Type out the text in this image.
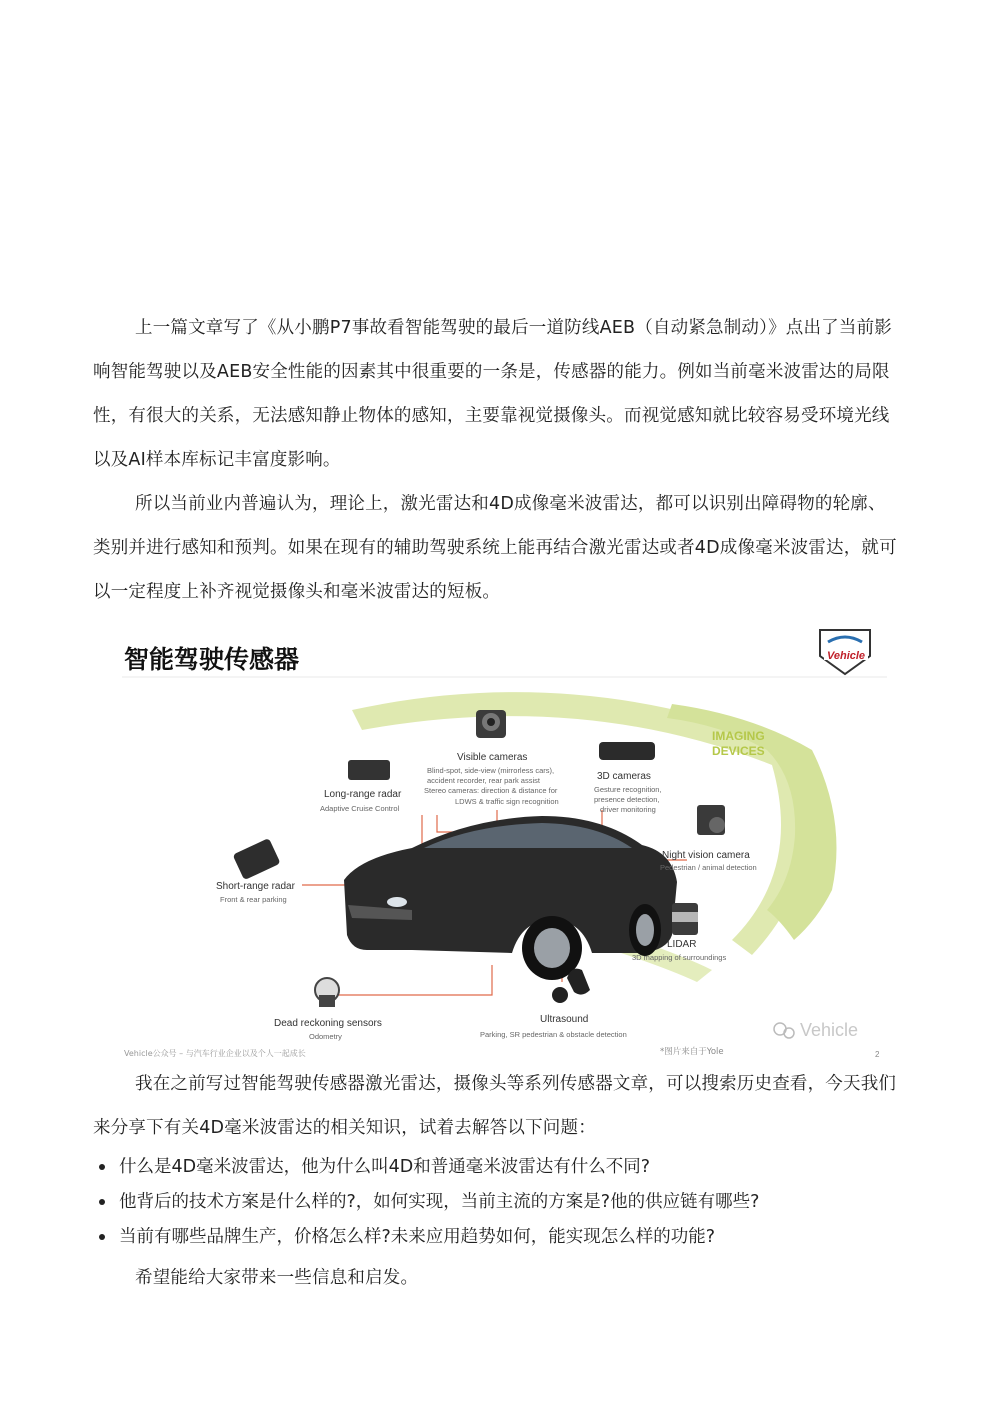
上一篇文章写了《从小鹏P7事故看智能驾驶的最后一道防线AEB（自动紧急制动）》点出了当前影响智能驾驶以及AEB安全性能的因素其中很重要的一条是，传感器的能力。例如当前毫米波雷达的局限性，有很大的关系，无法感知静止物体的感知，主要靠视觉摄像头。而视觉感知就比较容易受环境光线以及AI样本库标记丰富度影响。
所以当前业内普遍认为，理论上，激光雷达和4D成像毫米波雷达，都可以识别出障碍物的轮廓、类别并进行感知和预判。如果在现有的辅助驾驶系统上能再结合激光雷达或者4D成像毫米波雷达，就可以一定程度上补齐视觉摄像头和毫米波雷达的短板。
智能驾驶传感器	Vehicle
IMAGING
DEVICES
Visible cameras
Blind-spot, side-view (mirrorless cars),
accident recorder, rear park assist
Stereo cameras: direction & distance for
LDWS & traffic sign recognition
Long-range radar
Adaptive Cruise Control
3D cameras
Gesture recognition,
presence detection,
driver monitoring
Night vision camera
Pedestrian / animal detection
Short-range radar
Front & rear parking
LIDAR
3D mapping of surroundings
Ultrasound
Parking, SR pedestrian & obstacle detection
Dead reckoning sensors
Odometry
Vehicle公众号 – 与汽车行业企业以及个人一起成长	*图片来自于Yole	2
Vehicle
我在之前写过智能驾驶传感器激光雷达，摄像头等系列传感器文章，可以搜索历史查看，今天我们来分享下有关4D毫米波雷达的相关知识，试着去解答以下问题：
什么是4D毫米波雷达，他为什么叫4D和普通毫米波雷达有什么不同?
他背后的技术方案是什么样的?，如何实现，当前主流的方案是?他的供应链有哪些?
当前有哪些品牌生产，价格怎么样?未来应用趋势如何，能实现怎么样的功能?
希望能给大家带来一些信息和启发。
